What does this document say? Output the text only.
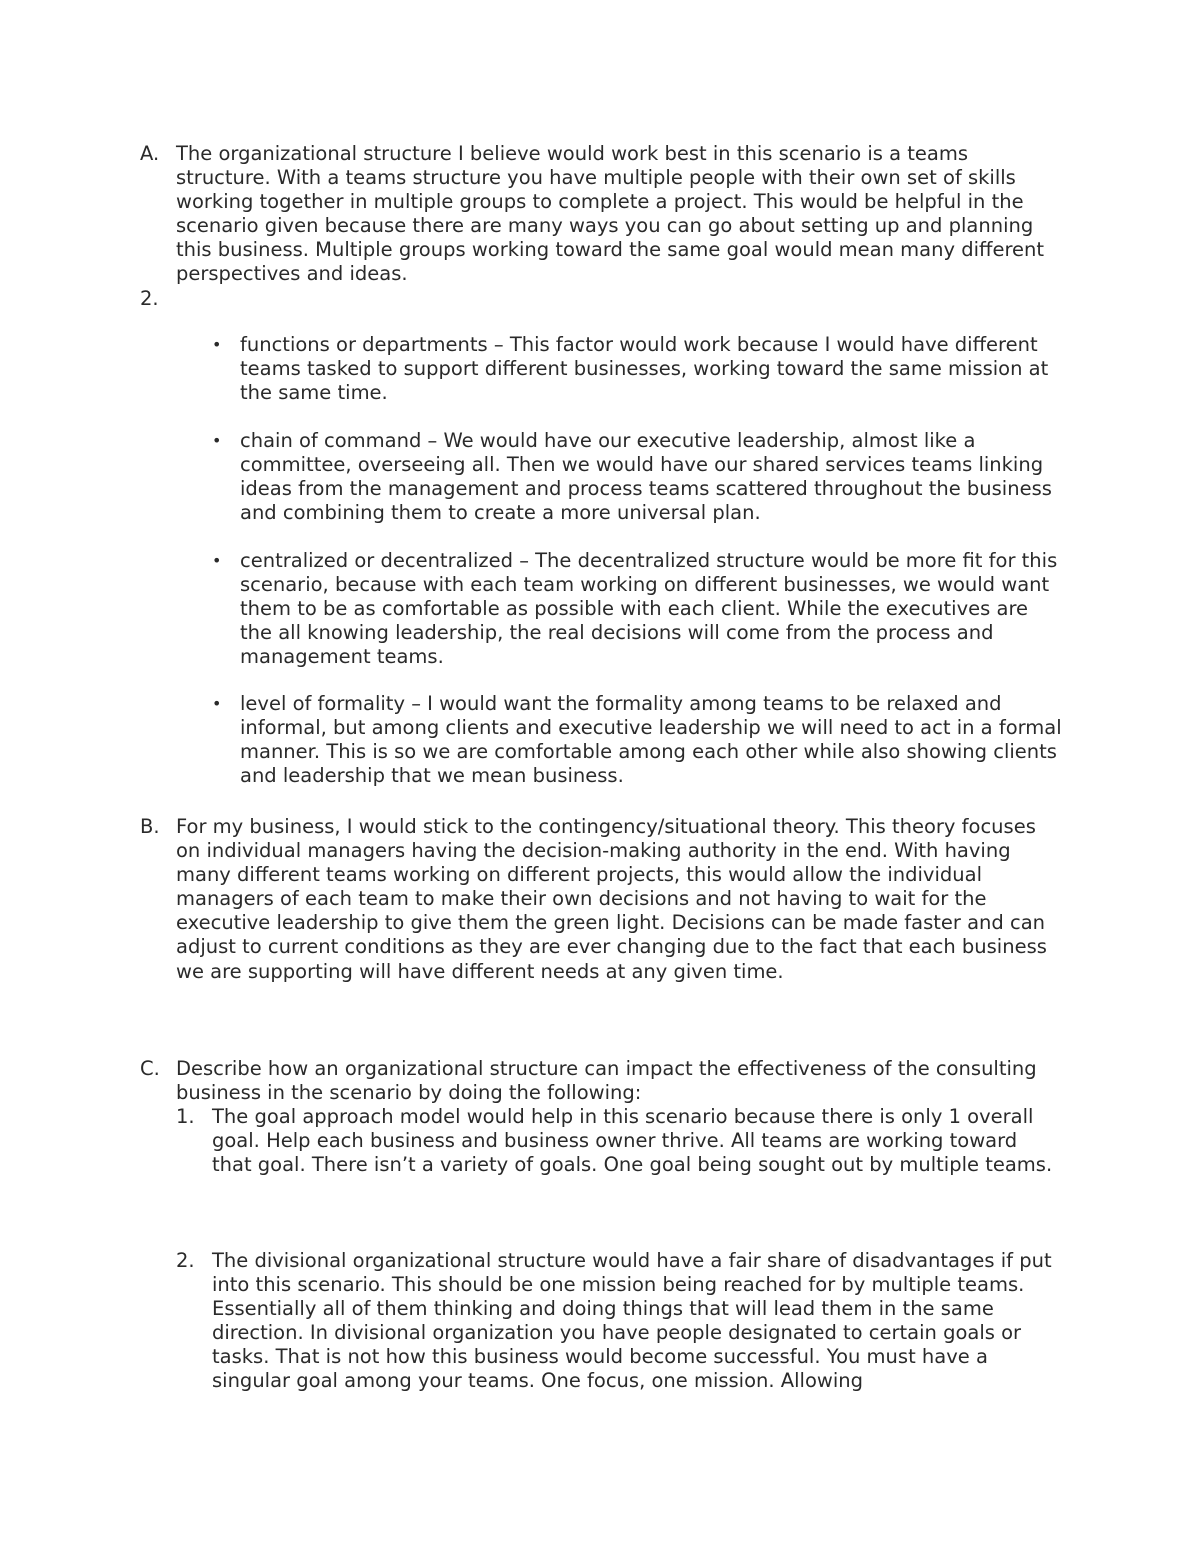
A. The organizational structure I believe would work best in this scenario is a teams structure. With a teams structure you have multiple people with their own set of skills working together in multiple groups to complete a project. This would be helpful in the scenario given because there are many ways you can go about setting up and planning this business. Multiple groups working toward the same goal would mean many different perspectives and ideas.
2.
• functions or departments – This factor would work because I would have different teams tasked to support different businesses, working toward the same mission at the same time.
• chain of command – We would have our executive leadership, almost like a committee, overseeing all. Then we would have our shared services teams linking ideas from the management and process teams scattered throughout the business and combining them to create a more universal plan.
• centralized or decentralized – The decentralized structure would be more fit for this scenario, because with each team working on different businesses, we would want them to be as comfortable as possible with each client. While the executives are the all knowing leadership, the real decisions will come from the process and management teams.
• level of formality – I would want the formality among teams to be relaxed and informal, but among clients and executive leadership we will need to act in a formal manner. This is so we are comfortable among each other while also showing clients and leadership that we mean business.
B. For my business, I would stick to the contingency/situational theory. This theory focuses on individual managers having the decision-making authority in the end. With having many different teams working on different projects, this would allow the individual managers of each team to make their own decisions and not having to wait for the executive leadership to give them the green light. Decisions can be made faster and can adjust to current conditions as they are ever changing due to the fact that each business we are supporting will have different needs at any given time.
C. Describe how an organizational structure can impact the effectiveness of the consulting business in the scenario by doing the following:
1. The goal approach model would help in this scenario because there is only 1 overall goal. Help each business and business owner thrive. All teams are working toward that goal. There isn’t a variety of goals. One goal being sought out by multiple teams.
2. The divisional organizational structure would have a fair share of disadvantages if put into this scenario. This should be one mission being reached for by multiple teams. Essentially all of them thinking and doing things that will lead them in the same direction. In divisional organization you have people designated to certain goals or tasks. That is not how this business would become successful. You must have a singular goal among your teams. One focus, one mission. Allowing
